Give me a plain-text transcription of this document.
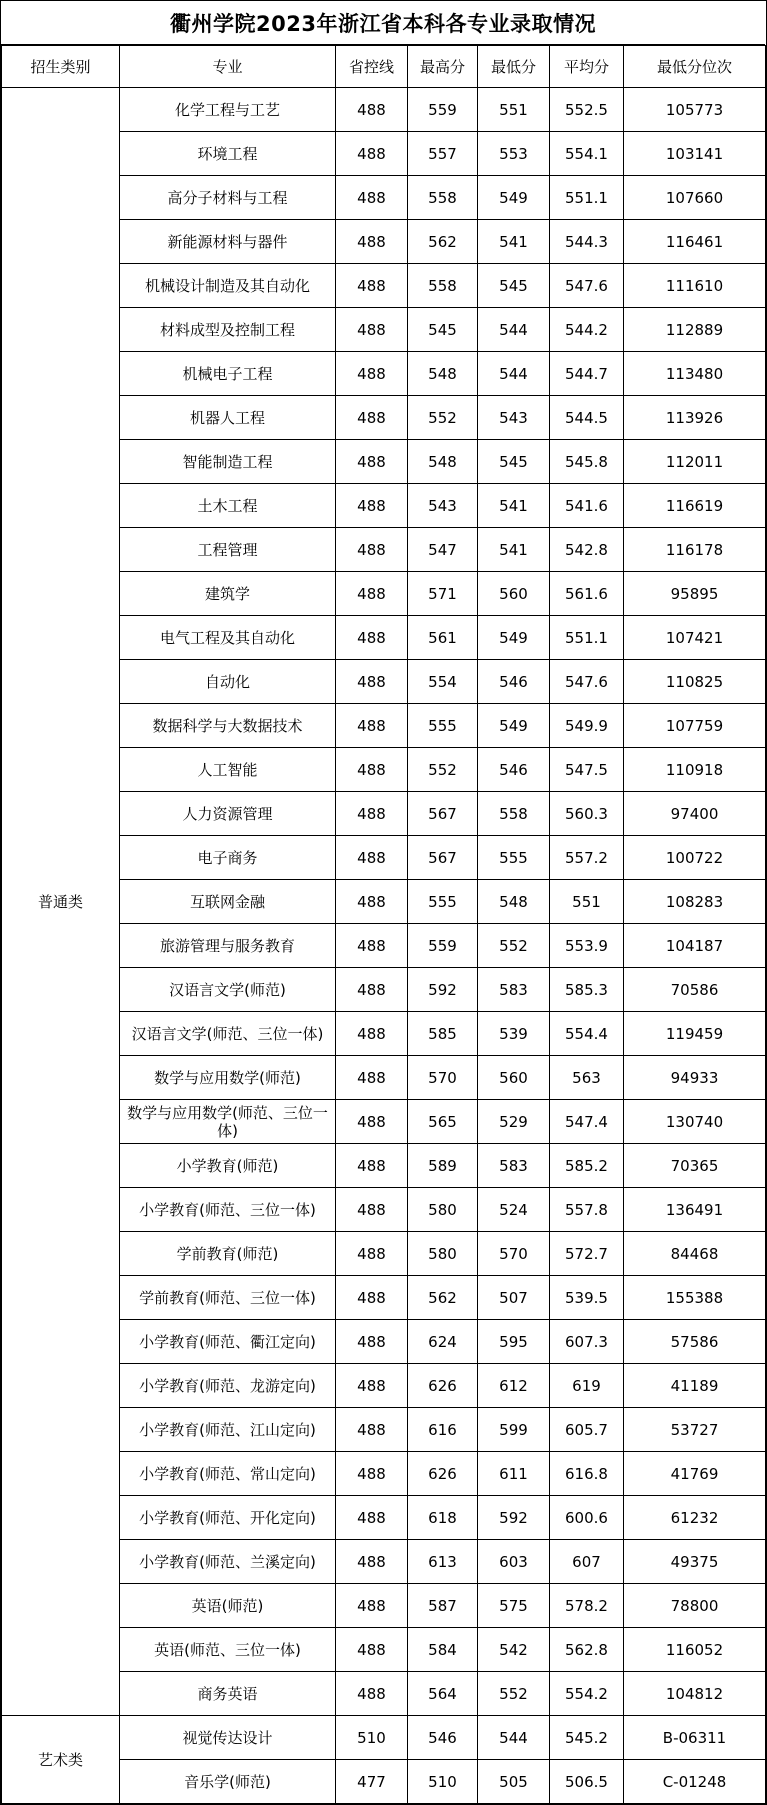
衢州学院2023年浙江省本科各专业录取情况
招生类别	专业	省控线	最高分	最低分	平均分	最低分位次
普通类	化学工程与工艺	488	559	551	552.5	105773
	环境工程	488	557	553	554.1	103141
	高分子材料与工程	488	558	549	551.1	107660
	新能源材料与器件	488	562	541	544.3	116461
	机械设计制造及其自动化	488	558	545	547.6	111610
	材料成型及控制工程	488	545	544	544.2	112889
	机械电子工程	488	548	544	544.7	113480
	机器人工程	488	552	543	544.5	113926
	智能制造工程	488	548	545	545.8	112011
	土木工程	488	543	541	541.6	116619
	工程管理	488	547	541	542.8	116178
	建筑学	488	571	560	561.6	95895
	电气工程及其自动化	488	561	549	551.1	107421
	自动化	488	554	546	547.6	110825
	数据科学与大数据技术	488	555	549	549.9	107759
	人工智能	488	552	546	547.5	110918
	人力资源管理	488	567	558	560.3	97400
	电子商务	488	567	555	557.2	100722
	互联网金融	488	555	548	551	108283
	旅游管理与服务教育	488	559	552	553.9	104187
	汉语言文学(师范)	488	592	583	585.3	70586
	汉语言文学(师范、三位一体)	488	585	539	554.4	119459
	数学与应用数学(师范)	488	570	560	563	94933
	数学与应用数学(师范、三位一体)	488	565	529	547.4	130740
	小学教育(师范)	488	589	583	585.2	70365
	小学教育(师范、三位一体)	488	580	524	557.8	136491
	学前教育(师范)	488	580	570	572.7	84468
	学前教育(师范、三位一体)	488	562	507	539.5	155388
	小学教育(师范、衢江定向)	488	624	595	607.3	57586
	小学教育(师范、龙游定向)	488	626	612	619	41189
	小学教育(师范、江山定向)	488	616	599	605.7	53727
	小学教育(师范、常山定向)	488	626	611	616.8	41769
	小学教育(师范、开化定向)	488	618	592	600.6	61232
	小学教育(师范、兰溪定向)	488	613	603	607	49375
	英语(师范)	488	587	575	578.2	78800
	英语(师范、三位一体)	488	584	542	562.8	116052
	商务英语	488	564	552	554.2	104812
艺术类	视觉传达设计	510	546	544	545.2	B-06311
	音乐学(师范)	477	510	505	506.5	C-01248
